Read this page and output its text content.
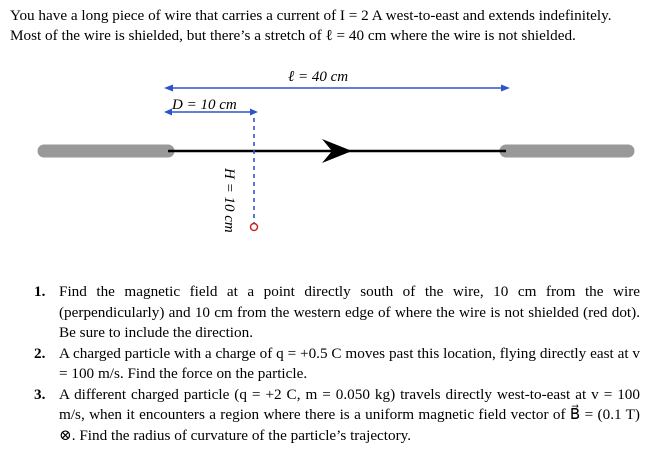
You have a long piece of wire that carries a current of I = 2 A west-to-east and extends indefinitely.
Most of the wire is shielded, but there’s a stretch of ℓ = 40 cm where the wire is not shielded.
ℓ = 40 cm
D = 10 cm
H = 10 cm
1. Find the magnetic field at a point directly south of the wire, 10 cm from the wire (perpendicularly) and 10 cm from the western edge of where the wire is not shielded (red dot). Be sure to include the direction.
2. A charged particle with a charge of q = +0.5 C moves past this location, flying directly east at v = 100 m/s. Find the force on the particle.
3. A different charged particle (q = +2 C, m = 0.050 kg) travels directly west-to-east at v = 100 m/s, when it encounters a region where there is a uniform magnetic field vector of B⃗ = (0.1 T) ⊗. Find the radius of curvature of the particle’s trajectory.
